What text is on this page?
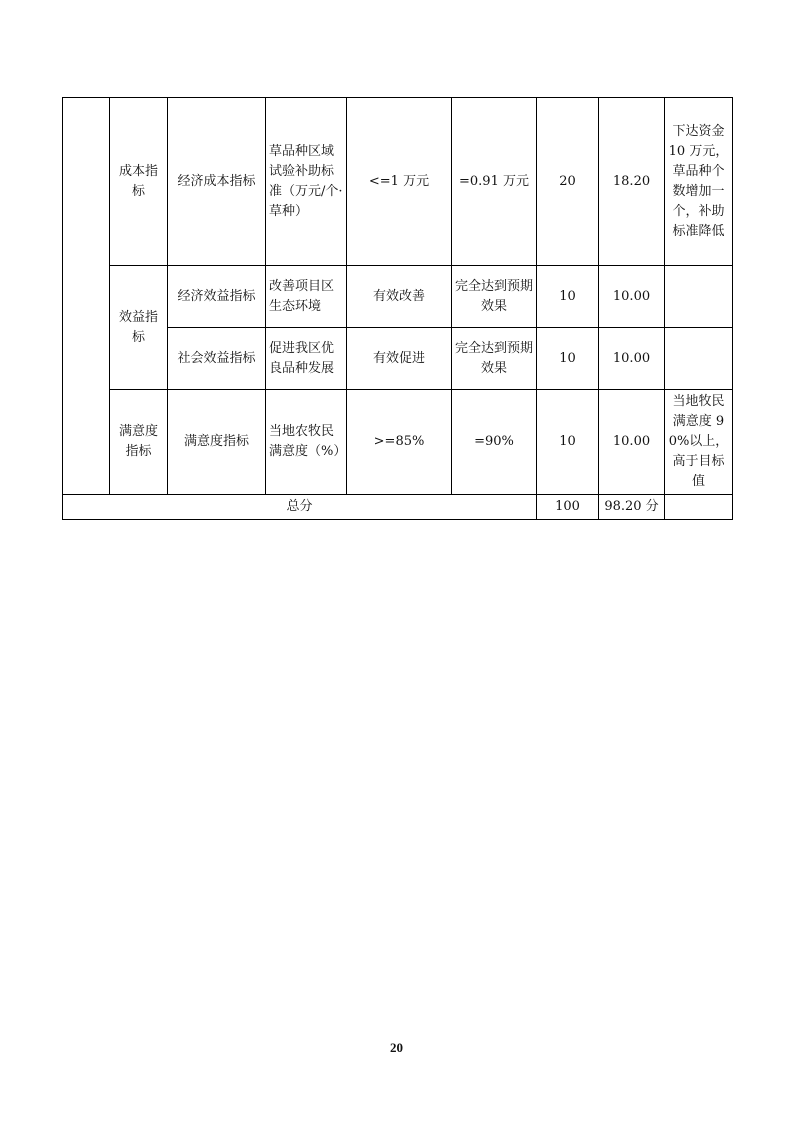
	成本指标	经济成本指标	草品种区域试验补助标准（万元/个·草种）	<=1 万元	=0.91 万元	20	18.20	下达资金 10 万元，草品种个数增加一个，补助标准降低
	效益指标	经济效益指标	改善项目区生态环境	有效改善	完全达到预期效果	10	10.00	
		社会效益指标	促进我区优良品种发展	有效促进	完全达到预期效果	10	10.00	
	满意度指标	满意度指标	当地农牧民满意度（%）	>=85%	=90%	10	10.00	当地牧民满意度 90%以上，高于目标值
总分						100	98.20 分	
20
